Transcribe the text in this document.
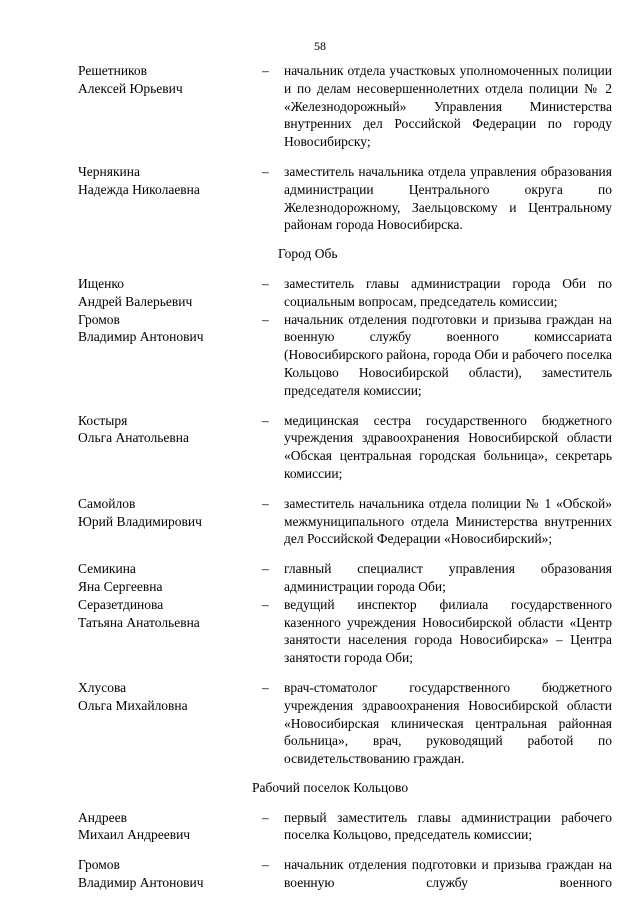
58
Решетников
Алексей Юрьевич
–	начальник отдела участковых уполномоченных полиции и по делам несовершеннолетних отдела полиции № 2 «Железнодорожный» Управления Министерства внутренних дел Российской Федерации по городу Новосибирску;
Чернякина
Надежда Николаевна
–	заместитель начальника отдела управления образования администрации Центрального округа по Железнодорожному, Заельцовскому и Центральному районам города Новосибирска.
Город Обь
Ищенко
Андрей Валерьевич
–	заместитель главы администрации города Оби по социальным вопросам, председатель комиссии;
Громов
Владимир Антонович
–	начальник отделения подготовки и призыва граждан на военную службу военного комиссариата (Новосибирского района, города Оби и рабочего поселка Кольцово Новосибирской области), заместитель председателя комиссии;
Костыря
Ольга Анатольевна
–	медицинская сестра государственного бюджетного учреждения здравоохранения Новосибирской области «Обская центральная городская больница», секретарь комиссии;
Самойлов
Юрий Владимирович
–	заместитель начальника отдела полиции № 1 «Обской» межмуниципального отдела Министерства внутренних дел Российской Федерации «Новосибирский»;
Семикина
Яна Сергеевна
–	главный специалист управления образования администрации города Оби;
Серазетдинова
Татьяна Анатольевна
–	ведущий инспектор филиала государственного казенного учреждения Новосибирской области «Центр занятости населения города Новосибирска» – Центра занятости города Оби;
Хлусова
Ольга Михайловна
–	врач-стоматолог государственного бюджетного учреждения здравоохранения Новосибирской области «Новосибирская клиническая центральная районная больница», врач, руководящий работой по освидетельствованию граждан.
Рабочий поселок Кольцово
Андреев
Михаил Андреевич
–	первый заместитель главы администрации рабочего поселка Кольцово, председатель комиссии;
Громов
Владимир Антонович
–	начальник отделения подготовки и призыва граждан на военную службу военного
